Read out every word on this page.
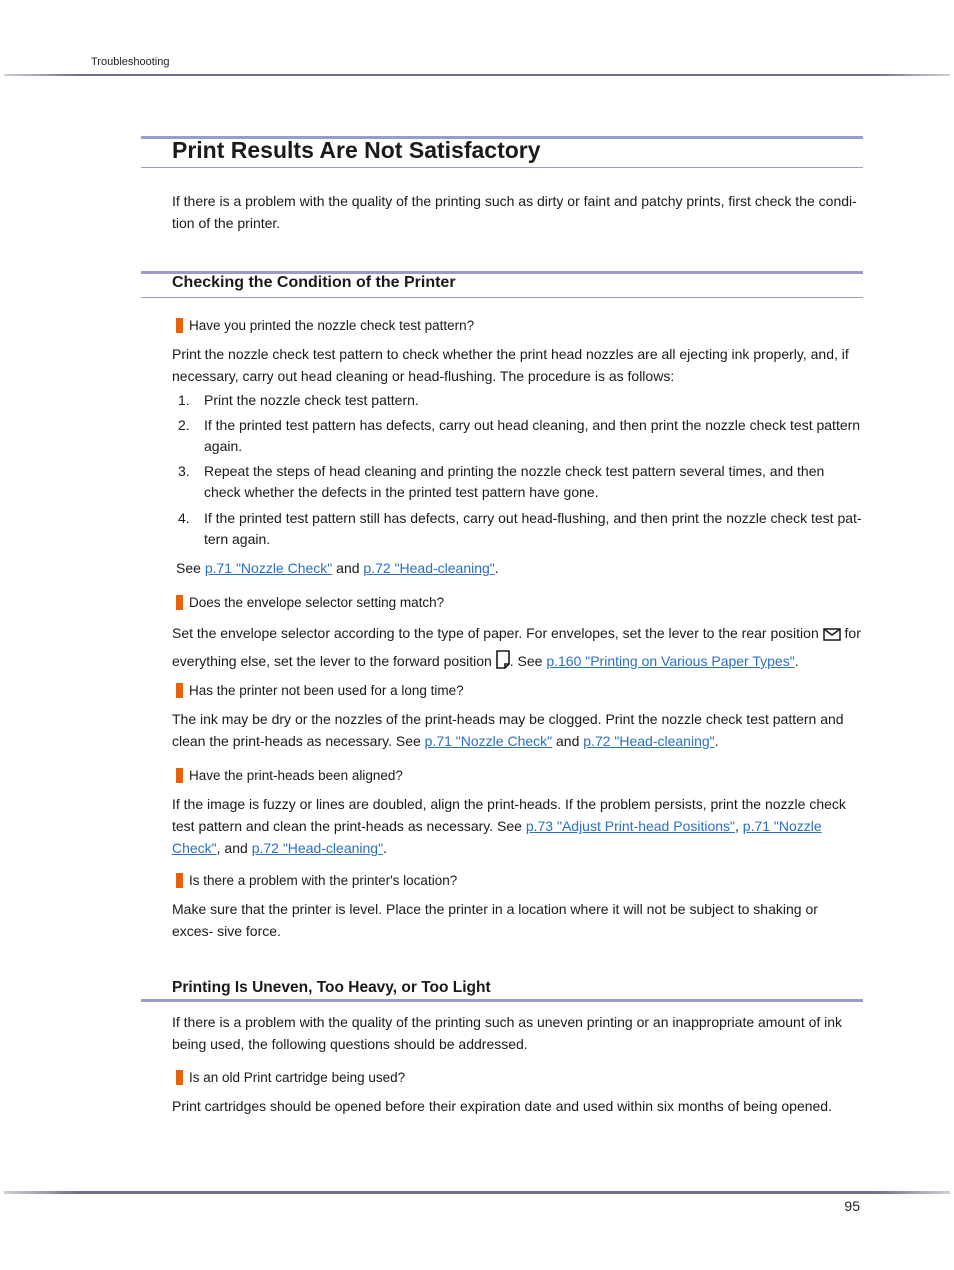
Troubleshooting
Print Results Are Not Satisfactory

If there is a problem with the quality of the printing such as dirty or faint and patchy prints, first check the condi-
tion of the printer.

Checking the Condition of the Printer

Have you printed the nozzle check test pattern?

Print the nozzle check test pattern to check whether the print head nozzles are all ejecting ink properly, and, if necessary, carry out head cleaning or head-flushing. The procedure is as follows:

1. Print the nozzle check test pattern.
2. If the printed test pattern has defects, carry out head cleaning, and then print the nozzle check test pattern again.
3. Repeat the steps of head cleaning and printing the nozzle check test pattern several times, and then check whether the defects in the printed test pattern have gone.
4. If the printed test pattern still has defects, carry out head-flushing, and then print the nozzle check test pat- tern again.

See p.71 "Nozzle Check" and p.72 "Head-cleaning".

Does the envelope selector setting match?

Set the envelope selector according to the type of paper. For envelopes, set the lever to the rear position  for
everything else, set the lever to the forward position . See p.160 "Printing on Various Paper Types".

Has the printer not been used for a long time?

The ink may be dry or the nozzles of the print-heads may be clogged. Print the nozzle check test pattern and clean the print-heads as necessary. See p.71 "Nozzle Check" and p.72 "Head-cleaning".

Have the print-heads been aligned?

If the image is fuzzy or lines are doubled, align the print-heads. If the problem persists, print the nozzle check test pattern and clean the print-heads as necessary. See p.73 "Adjust Print-head Positions", p.71 "Nozzle Check", and p.72 "Head-cleaning".

Is there a problem with the printer's location?

Make sure that the printer is level. Place the printer in a location where it will not be subject to shaking or exces- sive force.

Printing Is Uneven, Too Heavy, or Too Light

If there is a problem with the quality of the printing such as uneven printing or an inappropriate amount of ink being used, the following questions should be addressed.

Is an old Print cartridge being used?

Print cartridges should be opened before their expiration date and used within six months of being opened.

95
